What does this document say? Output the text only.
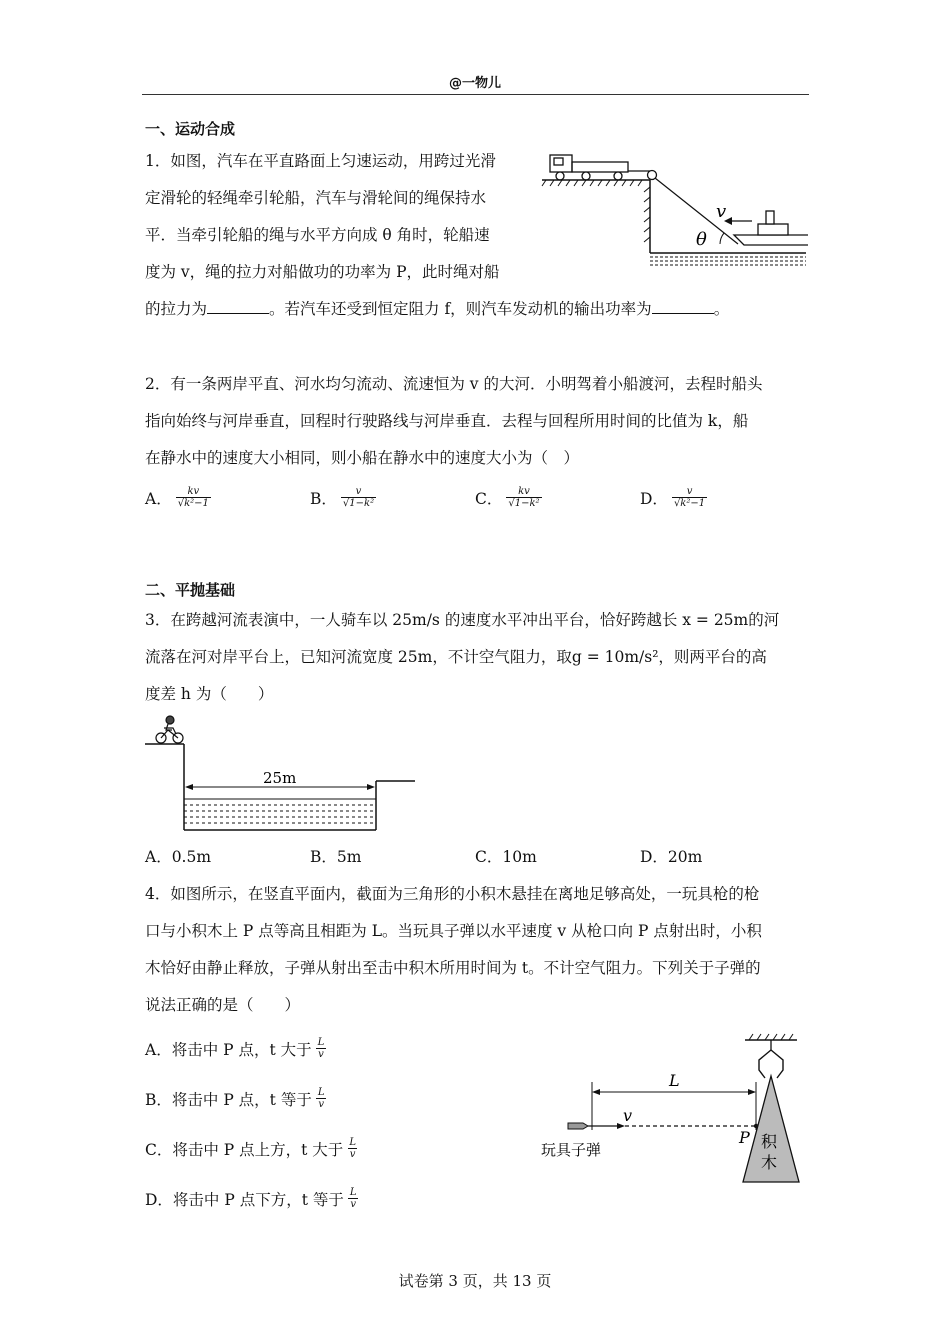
@一物儿
一、运动合成
1．如图，汽车在平直路面上匀速运动，用跨过光滑
定滑轮的轻绳牵引轮船，汽车与滑轮间的绳保持水
平．当牵引轮船的绳与水平方向成 θ 角时，轮船速
度为 v，绳的拉力对船做功的功率为 P，此时绳对船
的拉力为	。若汽车还受到恒定阻力 f，则汽车发动机的输出功率为	。
θ
v
2．有一条两岸平直、河水均匀流动、流速恒为 v 的大河．小明驾着小船渡河，去程时船头
指向始终与河岸垂直，回程时行驶路线与河岸垂直．去程与回程所用时间的比值为 k，船
在静水中的速度大小相同，则小船在静水中的速度大小为（　）
A． $\frac{kv}{\text{√k²−1}}$	B． $\frac{v}{\text{√1−k²}}$	C． $\frac{kv}{\text{√1−k²}}$	D． $\frac{v}{\text{√k²−1}}$
二、平抛基础
3．在跨越河流表演中，一人骑车以 25m/s 的速度水平冲出平台，恰好跨越长 x = 25m的河
流落在河对岸平台上，已知河流宽度 25m，不计空气阻力，取g = 10m/s²，则两平台的高
度差 h 为（　　）
25m
A．0.5m	B．5m	C．10m	D．20m
4．如图所示，在竖直平面内，截面为三角形的小积木悬挂在离地足够高处，一玩具枪的枪
口与小积木上 P 点等高且相距为 L。当玩具子弹以水平速度 v 从枪口向 P 点射出时，小积
木恰好由静止释放，子弹从射出至击中积木所用时间为 t。不计空气阻力。下列关于子弹的
说法正确的是（　　）
A．将击中 P 点，t 大于 $\frac{L}{v}$
B．将击中 P 点，t 等于 $\frac{L}{v}$
C．将击中 P 点上方，t 大于 $\frac{L}{v}$
D．将击中 P 点下方，t 等于 $\frac{L}{v}$
积
木
L
v
P
玩具子弹
试卷第 3 页，共 13 页
